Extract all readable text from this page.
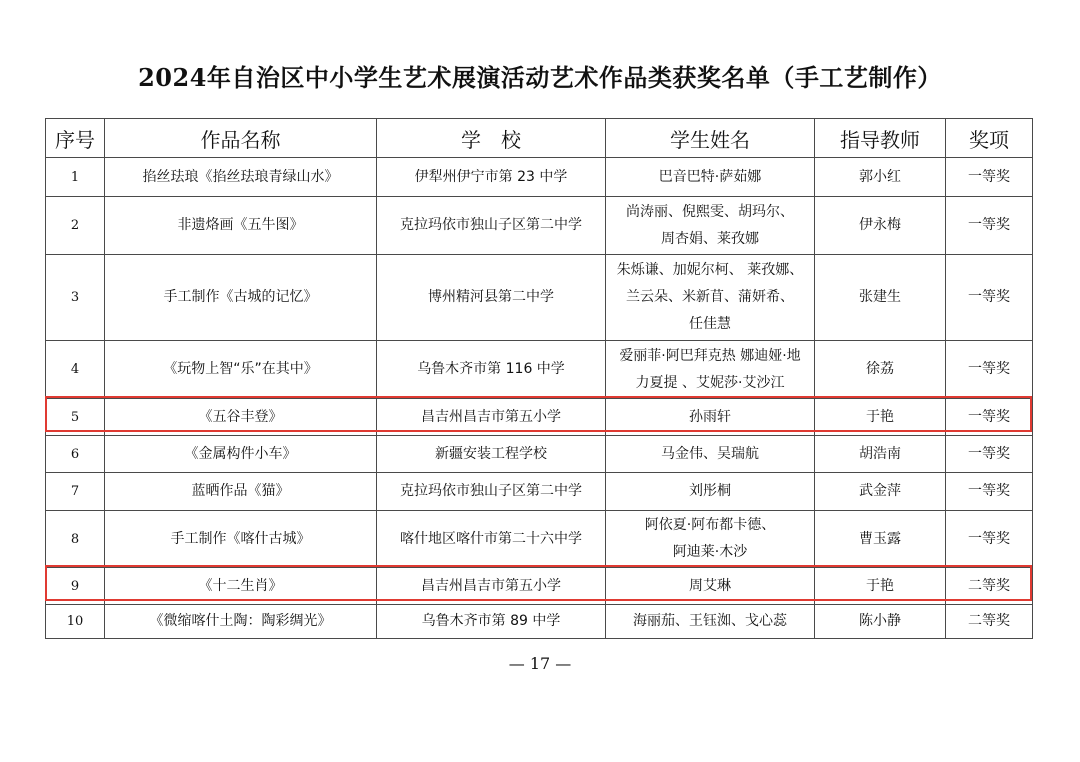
2024年自治区中小学生艺术展演活动艺术作品类获奖名单（手工艺制作）
序号	作品名称	学　校	学生姓名	指导教师	奖项
1	掐丝珐琅《掐丝珐琅青绿山水》	伊犁州伊宁市第 23 中学	巴音巴特·萨茹娜	郭小红	一等奖
2	非遗烙画《五牛图》	克拉玛依市独山子区第二中学	尚涛丽、倪熙雯、胡玛尔、
周杏娟、莱孜娜	伊永梅	一等奖
3	手工制作《古城的记忆》	博州精河县第二中学	朱烁谦、加妮尔柯、 莱孜娜、
兰云朵、米新苜、蒲妍希、
任佳慧	张建生	一等奖
4	《玩物上智“乐”在其中》	乌鲁木齐市第 116 中学	爱丽菲·阿巴拜克热 娜迪娅·地
力夏提 、艾妮莎·艾沙江	徐荔	一等奖
5	《五谷丰登》	昌吉州昌吉市第五小学	孙雨轩	于艳	一等奖
6	《金属构件小车》	新疆安装工程学校	马金伟、吴瑞航	胡浩南	一等奖
7	蓝晒作品《猫》	克拉玛依市独山子区第二中学	刘彤桐	武金萍	一等奖
8	手工制作《喀什古城》	喀什地区喀什市第二十六中学	阿依夏·阿布都卡德、
阿迪莱·木沙	曹玉露	一等奖
9	《十二生肖》	昌吉州昌吉市第五小学	周艾琳	于艳	二等奖
10	《微缩喀什土陶：陶彩绸光》	乌鲁木齐市第 89 中学	海丽茄、王钰洳、戈心蕊	陈小静	二等奖
— 17 —
